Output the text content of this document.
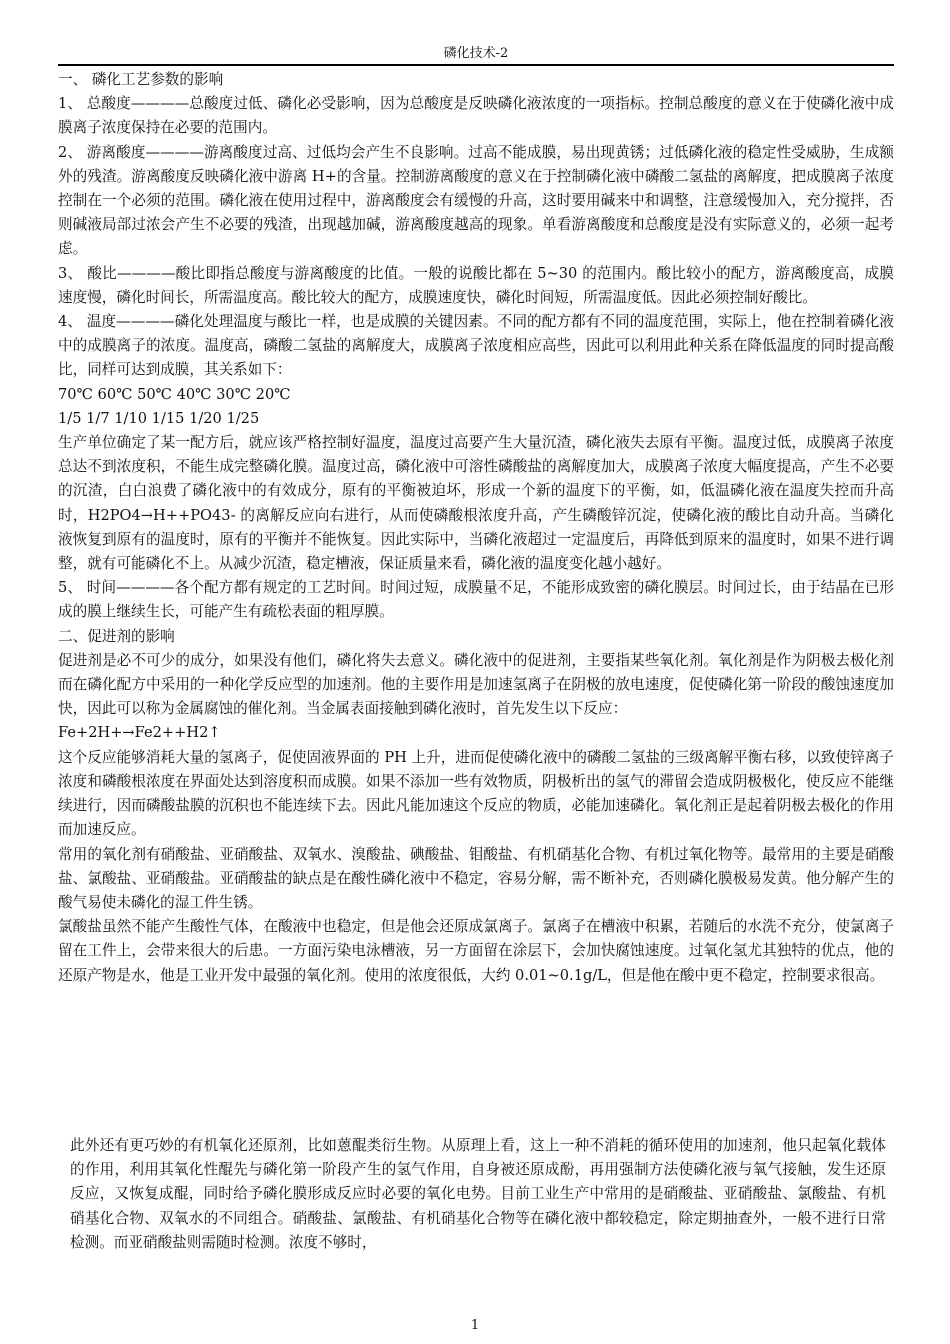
磷化技术-2

一、 磷化工艺参数的影响

1、 总酸度————总酸度过低、磷化必受影响，因为总酸度是反映磷化液浓度的一项指标。控制总酸度的意义在于使磷化液中成膜离子浓度保持在必要的范围内。

2、 游离酸度————游离酸度过高、过低均会产生不良影响。过高不能成膜，易出现黄锈；过低磷化液的稳定性受威胁，生成额外的残渣。游离酸度反映磷化液中游离 H+的含量。控制游离酸度的意义在于控制磷化液中磷酸二氢盐的离解度，把成膜离子浓度控制在一个必须的范围。磷化液在使用过程中，游离酸度会有缓慢的升高，这时要用碱来中和调整，注意缓慢加入，充分搅拌，否则碱液局部过浓会产生不必要的残渣，出现越加碱，游离酸度越高的现象。单看游离酸度和总酸度是没有实际意义的，必须一起考虑。

3、 酸比————酸比即指总酸度与游离酸度的比值。一般的说酸比都在 5~30 的范围内。酸比较小的配方，游离酸度高，成膜速度慢，磷化时间长，所需温度高。酸比较大的配方，成膜速度快，磷化时间短，所需温度低。因此必须控制好酸比。

4、 温度————磷化处理温度与酸比一样，也是成膜的关键因素。不同的配方都有不同的温度范围，实际上，他在控制着磷化液中的成膜离子的浓度。温度高，磷酸二氢盐的离解度大，成膜离子浓度相应高些，因此可以利用此种关系在降低温度的同时提高酸比，同样可达到成膜，其关系如下：

70℃ 60℃ 50℃ 40℃ 30℃ 20℃

1/5 1/7 1/10 1/15 1/20 1/25

生产单位确定了某一配方后，就应该严格控制好温度，温度过高要产生大量沉渣，磷化液失去原有平衡。温度过低，成膜离子浓度总达不到浓度积，不能生成完整磷化膜。温度过高，磷化液中可溶性磷酸盐的离解度加大，成膜离子浓度大幅度提高，产生不必要的沉渣，白白浪费了磷化液中的有效成分，原有的平衡被迫坏，形成一个新的温度下的平衡，如，低温磷化液在温度失控而升高时，H2PO4→H++PO43- 的离解反应向右进行，从而使磷酸根浓度升高，产生磷酸锌沉淀，使磷化液的酸比自动升高。当磷化液恢复到原有的温度时，原有的平衡并不能恢复。因此实际中，当磷化液超过一定温度后，再降低到原来的温度时，如果不进行调整，就有可能磷化不上。从减少沉渣，稳定槽液，保证质量来看，磷化液的温度变化越小越好。

5、 时间————各个配方都有规定的工艺时间。时间过短，成膜量不足，不能形成致密的磷化膜层。时间过长，由于结晶在已形成的膜上继续生长，可能产生有疏松表面的粗厚膜。

二、促进剂的影响

促进剂是必不可少的成分，如果没有他们，磷化将失去意义。磷化液中的促进剂，主要指某些氧化剂。氧化剂是作为阴极去极化剂而在磷化配方中采用的一种化学反应型的加速剂。他的主要作用是加速氢离子在阴极的放电速度，促使磷化第一阶段的酸蚀速度加快，因此可以称为金属腐蚀的催化剂。当金属表面接触到磷化液时，首先发生以下反应：

Fe+2H+→Fe2++H2↑

这个反应能够消耗大量的氢离子，促使固液界面的 PH 上升，进而促使磷化液中的磷酸二氢盐的三级离解平衡右移，以致使锌离子浓度和磷酸根浓度在界面处达到溶度积而成膜。如果不添加一些有效物质，阴极析出的氢气的滞留会造成阴极极化，使反应不能继续进行，因而磷酸盐膜的沉积也不能连续下去。因此凡能加速这个反应的物质，必能加速磷化。氧化剂正是起着阴极去极化的作用而加速反应。

常用的氧化剂有硝酸盐、亚硝酸盐、双氧水、溴酸盐、碘酸盐、钼酸盐、有机硝基化合物、有机过氧化物等。最常用的主要是硝酸盐、氯酸盐、亚硝酸盐。亚硝酸盐的缺点是在酸性磷化液中不稳定，容易分解，需不断补充，否则磷化膜极易发黄。他分解产生的酸气易使未磷化的湿工件生锈。

氯酸盐虽然不能产生酸性气体，在酸液中也稳定，但是他会还原成氯离子。氯离子在槽液中积累，若随后的水洗不充分，使氯离子留在工件上，会带来很大的后患。一方面污染电泳槽液，另一方面留在涂层下，会加快腐蚀速度。过氧化氢尤其独特的优点，他的还原产物是水，他是工业开发中最强的氧化剂。使用的浓度很低，大约 0.01~0.1g/L，但是他在酸中更不稳定，控制要求很高。

此外还有更巧妙的有机氧化还原剂，比如蒽醌类衍生物。从原理上看，这上一种不消耗的循环使用的加速剂，他只起氧化载体的作用，利用其氧化性醌先与磷化第一阶段产生的氢气作用，自身被还原成酚，再用强制方法使磷化液与氧气接触，发生还原反应，又恢复成醌，同时给予磷化膜形成反应时必要的氧化电势。目前工业生产中常用的是硝酸盐、亚硝酸盐、氯酸盐、有机硝基化合物、双氧水的不同组合。硝酸盐、氯酸盐、有机硝基化合物等在磷化液中都较稳定，除定期抽查外，一般不进行日常检测。而亚硝酸盐则需随时检测。浓度不够时，

1
